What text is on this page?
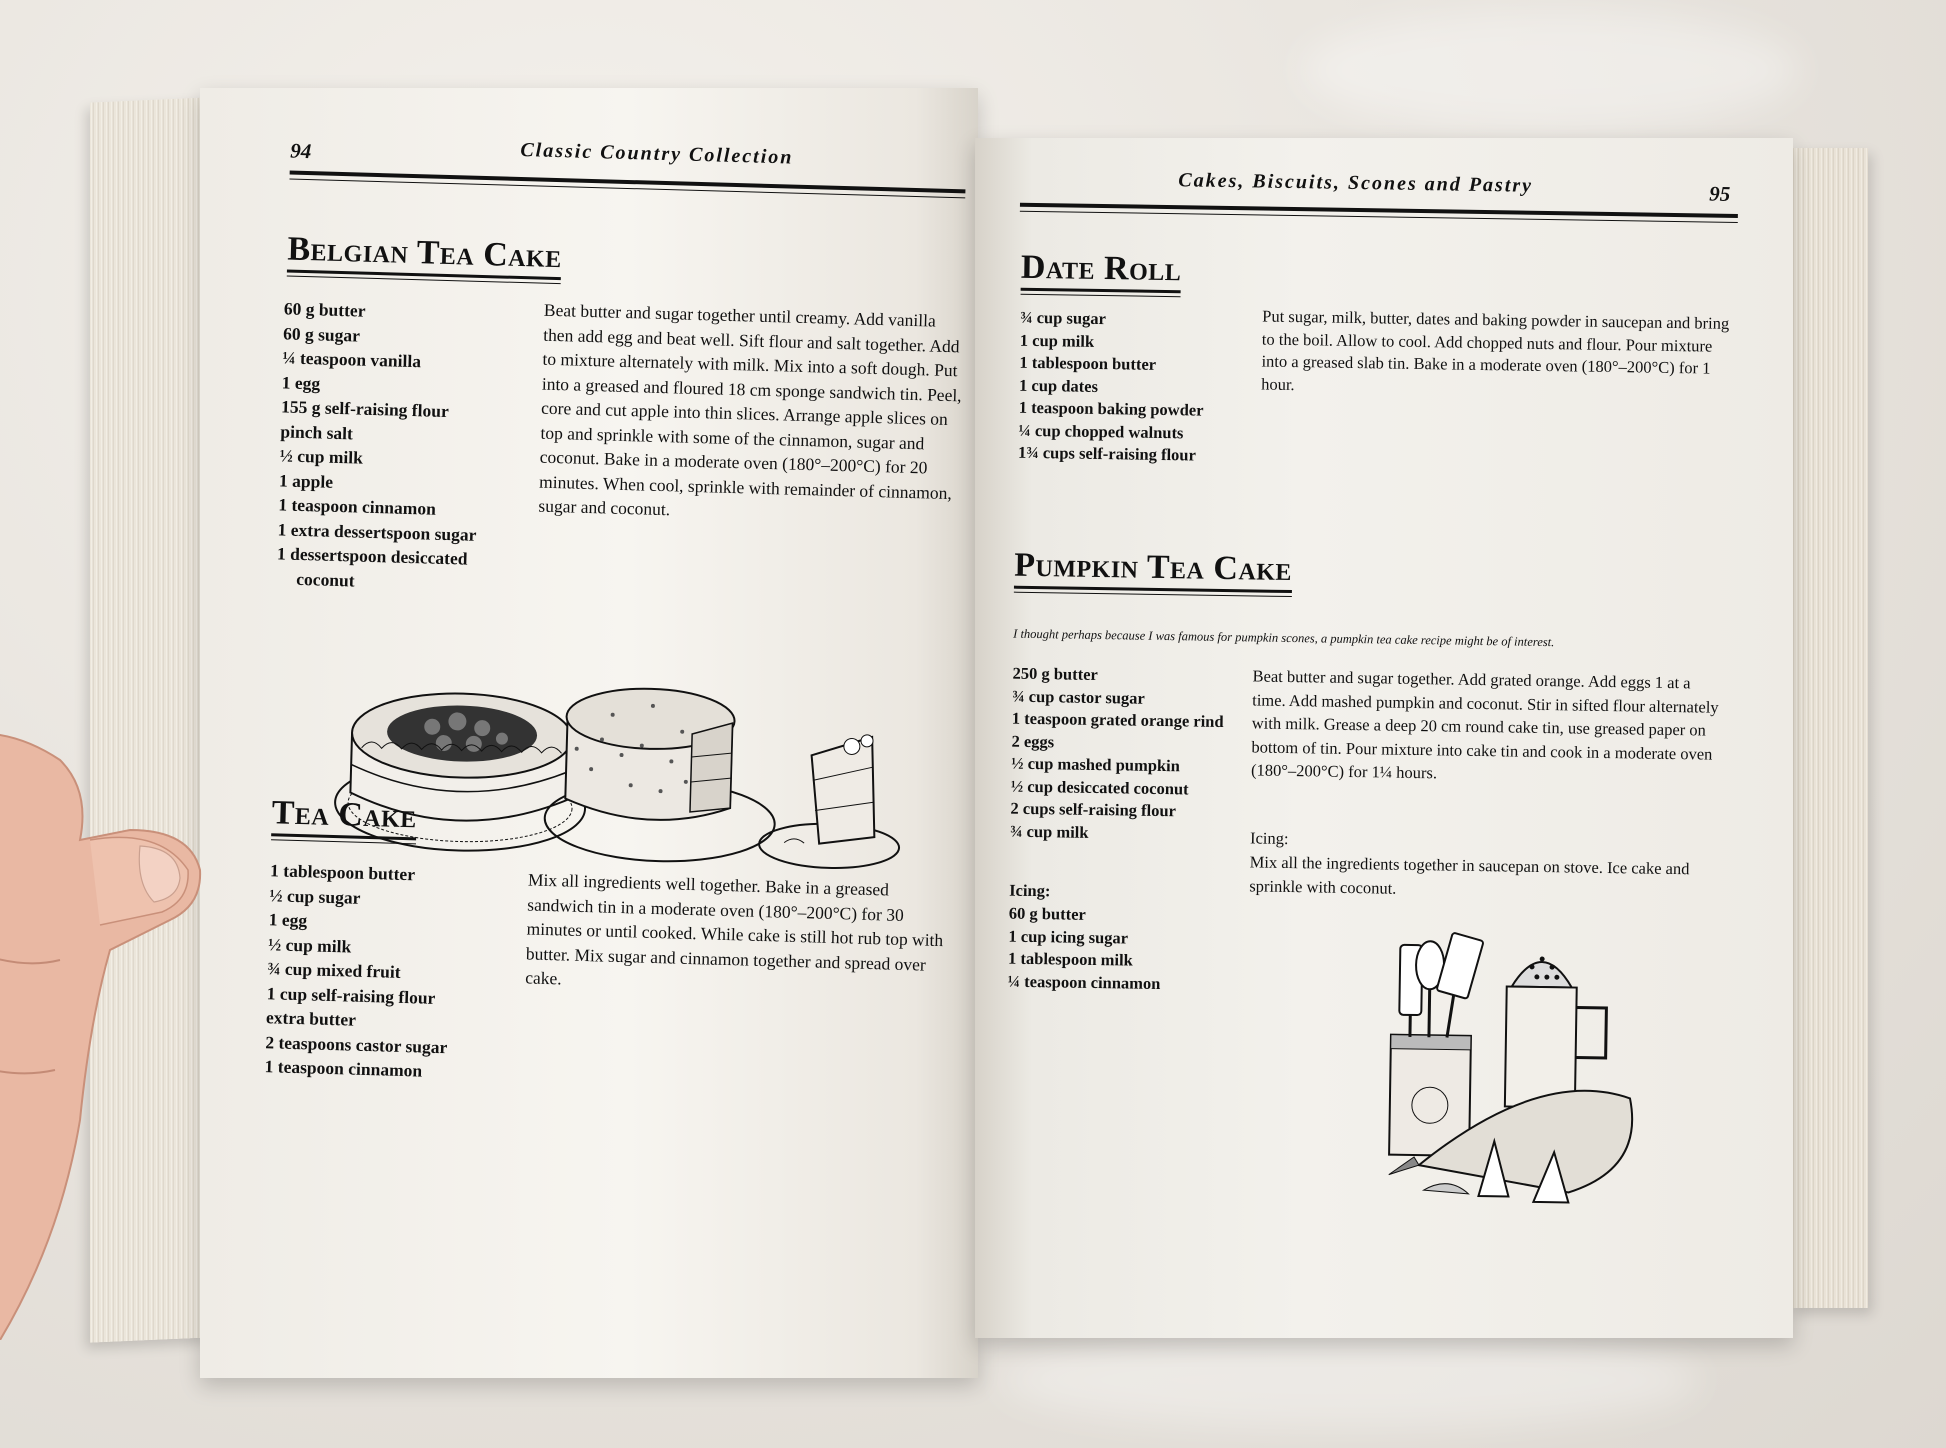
94	Classic Country Collection
Belgian Tea Cake
60 g butter
60 g sugar
¼ teaspoon vanilla
1 egg
155 g self-raising flour
pinch salt
½ cup milk
1 apple
1 teaspoon cinnamon
1 extra dessertspoon sugar
1 dessertspoon desiccated coconut

Beat butter and sugar together until creamy. Add vanilla then add egg and beat well. Sift flour and salt together. Add to mixture alternately with milk. Mix into a soft dough. Put into a greased and floured 18 cm sponge sandwich tin. Peel, core and cut apple into thin slices. Arrange apple slices on top and sprinkle with some of the cinnamon, sugar and coconut. Bake in a moderate oven (180°–200°C) for 20 minutes. When cool, sprinkle with remainder of cinnamon, sugar and coconut.

Tea Cake
1 tablespoon butter
½ cup sugar
1 egg
½ cup milk
¾ cup mixed fruit
1 cup self-raising flour
extra butter
2 teaspoons castor sugar
1 teaspoon cinnamon

Mix all ingredients well together. Bake in a greased sandwich tin in a moderate oven (180°–200°C) for 30 minutes or until cooked. While cake is still hot rub top with butter. Mix sugar and cinnamon together and spread over cake.

Cakes, Biscuits, Scones and Pastry	95
Date Roll
¾ cup sugar
1 cup milk
1 tablespoon butter
1 cup dates
1 teaspoon baking powder
¼ cup chopped walnuts
1¾ cups self-raising flour

Put sugar, milk, butter, dates and baking powder in saucepan and bring to the boil. Allow to cool. Add chopped nuts and flour. Pour mixture into a greased slab tin. Bake in a moderate oven (180°–200°C) for 1 hour.

Pumpkin Tea Cake

I thought perhaps because I was famous for pumpkin scones, a pumpkin tea cake recipe might be of interest.

250 g butter
¾ cup castor sugar
1 teaspoon grated orange rind
2 eggs
½ cup mashed pumpkin
½ cup desiccated coconut
2 cups self-raising flour
¾ cup milk

Icing:

60 g butter
1 cup icing sugar
1 tablespoon milk
¼ teaspoon cinnamon

Beat butter and sugar together. Add grated orange. Add eggs 1 at a time. Add mashed pumpkin and coconut. Stir in sifted flour alternately with milk. Grease a deep 20 cm round cake tin, use greased paper on bottom of tin. Pour mixture into cake tin and cook in a moderate oven (180°–200°C) for 1¼ hours.

Icing:

Mix all the ingredients together in saucepan on stove. Ice cake and sprinkle with coconut.
